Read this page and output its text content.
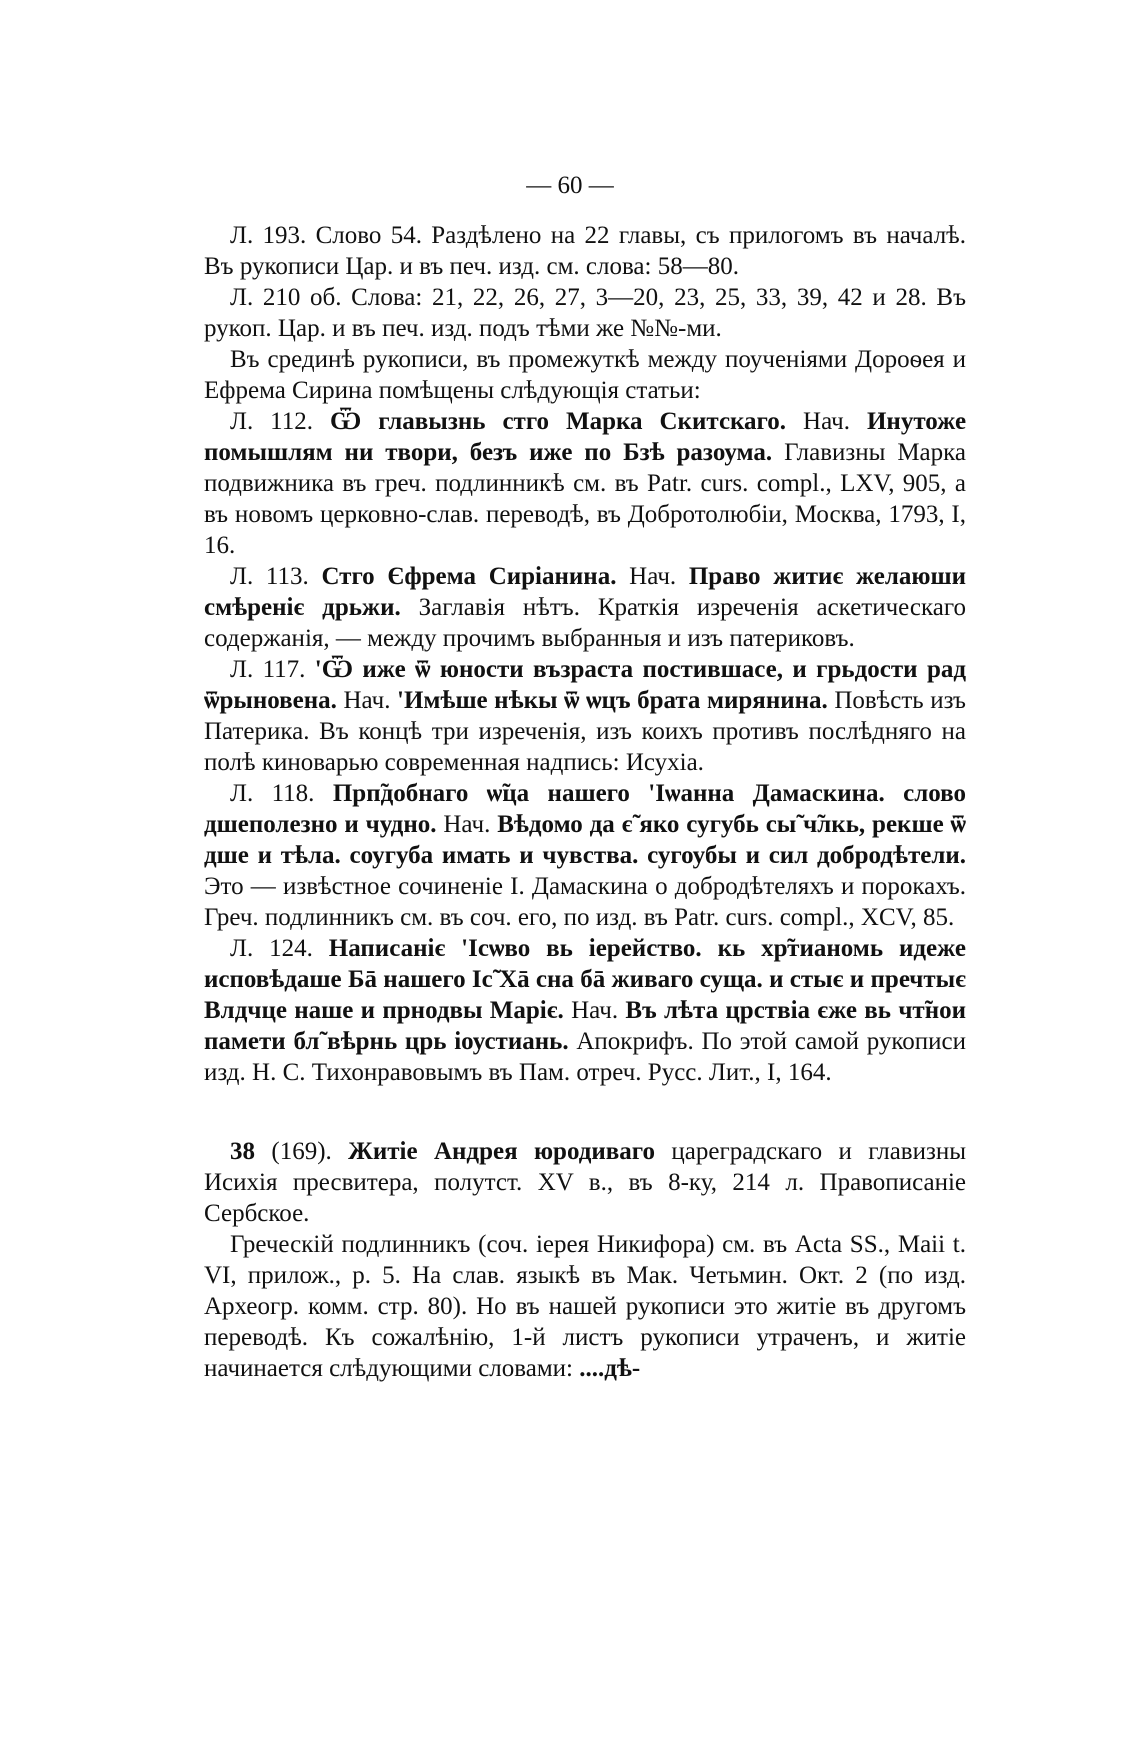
— 60 —

Л. 193. Слово 54. Раздѣлено на 22 главы, съ прилогомъ въ началѣ. Въ рукописи Цар. и въ печ. изд. см. слова: 58—80.

Л. 210 об. Слова: 21, 22, 26, 27, 3—20, 23, 25, 33, 39, 42 и 28. Въ рукоп. Цар. и въ печ. изд. подъ тѣми же №№-ми.

Въ срединѣ рукописи, въ промежуткѣ между поученіями Дороѳея и Ефрема Сирина помѣщены слѣдующія статьи:

Л. 112. Ѿ главызнь стго Марка Скитскаго. Нач. Инутоже помышлям ни твори, безъ иже по Бзѣ разоума. Главизны Марка подвижника въ греч. подлинникѣ см. въ Patr. curs. compl., LXV, 905, а въ новомъ церковно-слав. переводѣ, въ Добротолюбіи, Москва, 1793, I, 16.

Л. 113. Стго Єфрема Сиріанина. Нач. Право житиє желаюши смѣреніє дрьжи. Заглавія нѣтъ. Краткія изреченія аскетическаго содержанія, — между прочимъ выбранныя и изъ патериковъ.

Л. 117. 'Ѿ иже ѿ юности възраста постившасе, и грьдости рад ѿрыновена. Нач. 'Имѣше нѣкы ѿ ѡцъ брата мирянина. Повѣсть изъ Патерика. Въ концѣ три изреченія, изъ коихъ противъ послѣдняго на полѣ киноварью современная надпись: Исухіа.

Л. 118. Прп̃добнаго ѡ̃ца нашего 'Іѡанна Дамаскина. слово дшеполезно и чудно. Нач. Вѣдомо да є̃ яко сугубь сы̃ ч̃лкь, рекше ѿ дше и тѣла. соугуба имать и чувства. сугоубы и сил добродѣтели. Это — извѣстное сочиненіе I. Дамаскина о добродѣтеляхъ и порокахъ. Греч. подлинникъ см. въ соч. его, по изд. въ Patr. curs. compl., XCV, 85.

Л. 124. Написаніє 'Ісѡво вь іерейство. кь хр̃тианомь идеже исповѣдаше Бā нашего Іс̃ Хā сна бā живаго суща. и стыє и пречтыє Влдчце наше и прнодвы Маріє. Нач. Въ лѣта црствіа єже вь чт̃нои памети бл̃ вѣрнь црь іоустиань. Апокрифъ. По этой самой рукописи изд. Н. С. Тихонравовымъ въ Пам. отреч. Русс. Лит., I, 164.

38 (169). Житіе Андрея юродиваго цареградскаго и главизны Исихія пресвитера, полутст. XV в., въ 8-ку, 214 л. Правописаніе Сербское.

Греческій подлинникъ (соч. іерея Никифора) см. въ Acta SS., Maii t. VI, прилож., p. 5. На слав. языкѣ въ Мак. Четьмин. Окт. 2 (по изд. Археогр. комм. стр. 80). Но въ нашей рукописи это житіе въ другомъ переводѣ. Къ сожалѣнію, 1-й листъ рукописи утраченъ, и житіе начинается слѣдующими словами: ....дѣ-
